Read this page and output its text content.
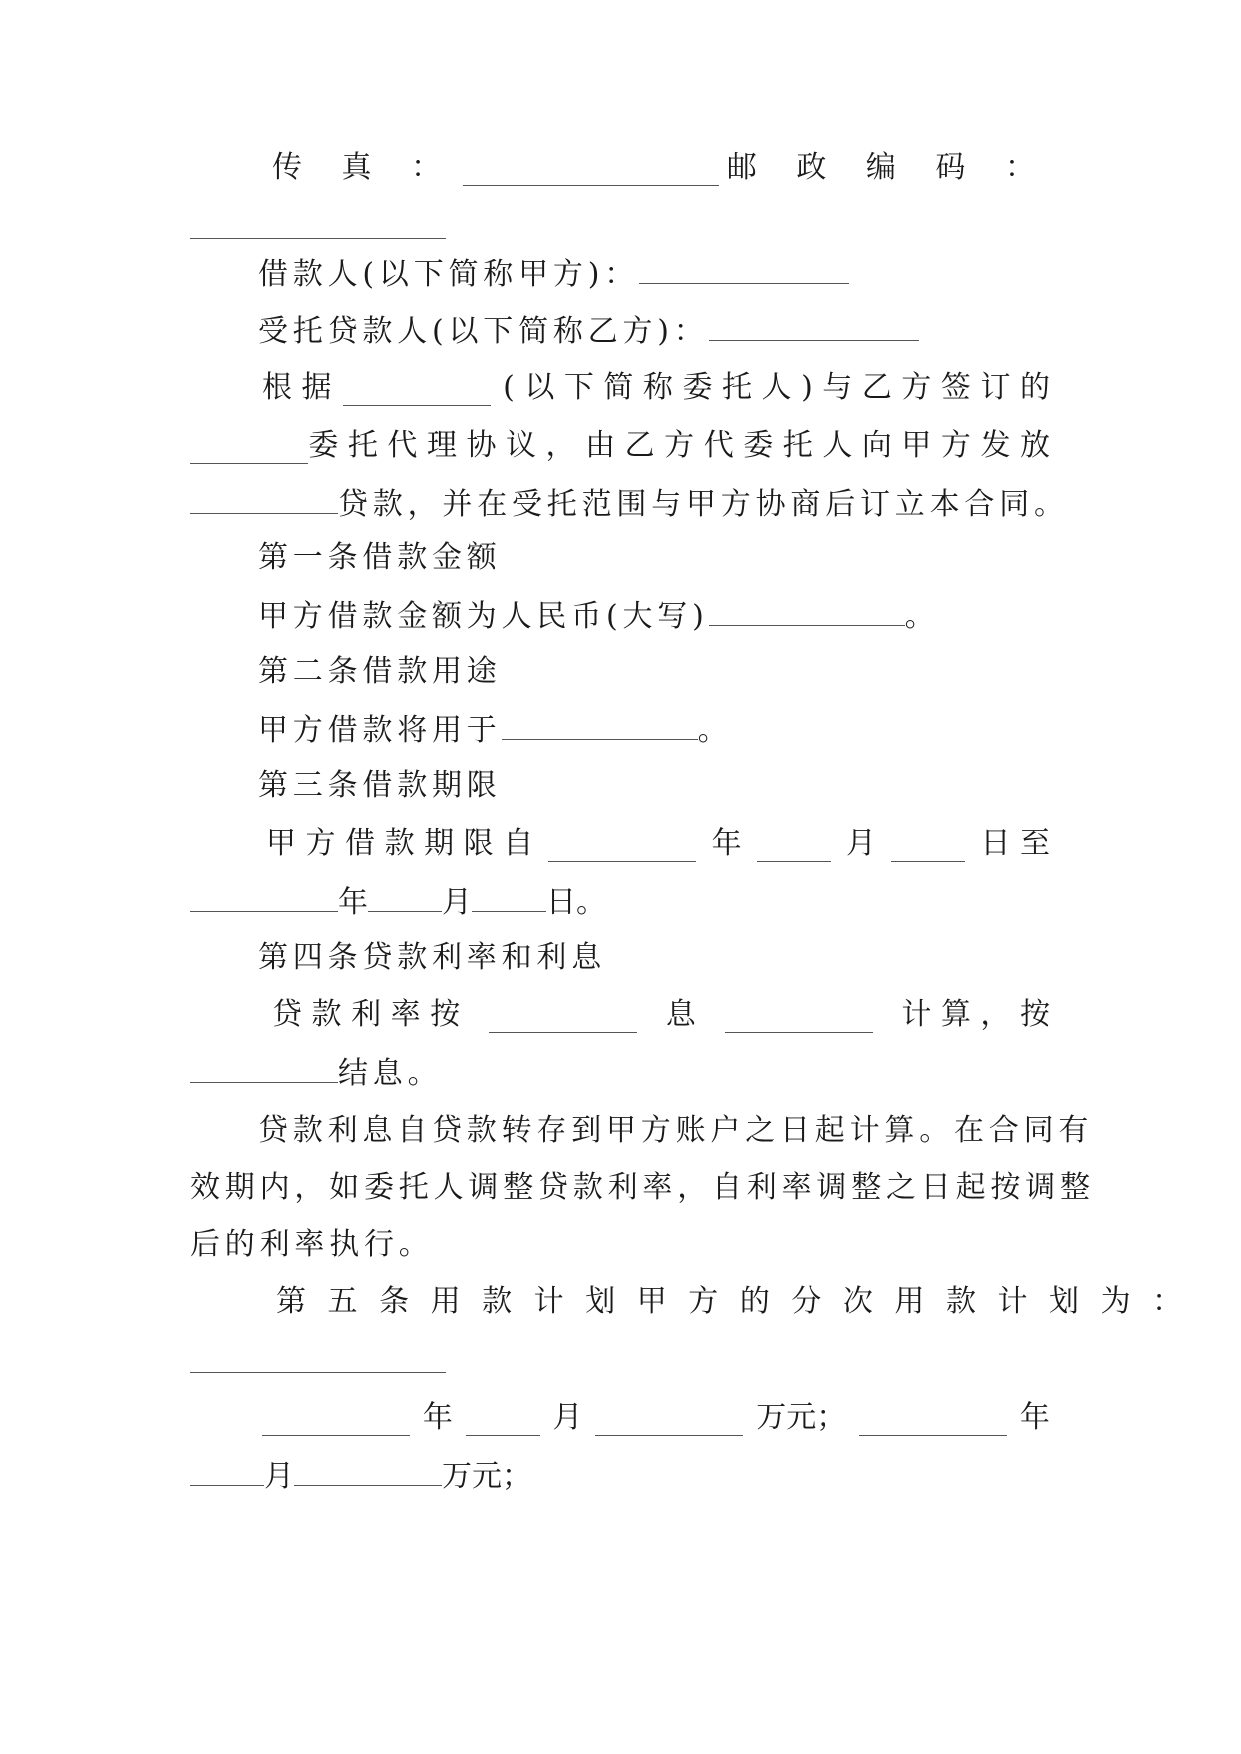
传 真 ：	邮 政 编 码 ：
借款人(以下简称甲方)：
受托贷款人(以下简称乙方)：
根 据	( 以 下 简 称 委 托 人 ) 与 乙 方 签 订 的
委 托 代 理 协 议 ， 由 乙 方 代 委 托 人 向 甲 方 发 放
贷款，并在受托范围与甲方协商后订立本合同。
第一条借款金额
甲方借款金额为人民币(大写)	。
第二条借款用途
甲方借款将用于	。
第三条借款期限
甲 方 借 款 期 限 自	年	月	日 至
年 月 日。
第四条贷款利率和利息
贷 款 利 率 按	息	计 算 ， 按
结息。
贷款利息自贷款转存到甲方账户之日起计算。在合同有
效期内，如委托人调整贷款利率，自利率调整之日起按调整
后的利率执行。
第 五 条 用 款 计 划 甲 方 的 分 次 用 款 计 划 为 ：
年	月	万元；	年
月	万元；
